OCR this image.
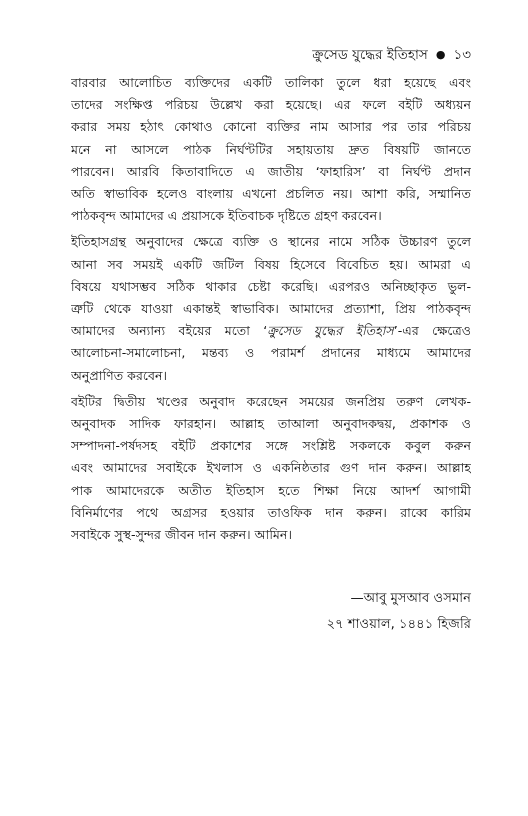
ক্রুসেড যুদ্ধের ইতিহাস ● ১৩

বারবার আলোচিত ব্যক্তিদের একটি তালিকা তুলে ধরা হয়েছে এবং
তাদের সংক্ষিপ্ত পরিচয় উল্লেখ করা হয়েছে। এর ফলে বইটি অধ্যয়ন
করার সময় হঠাৎ কোথাও কোনো ব্যক্তির নাম আসার পর তার পরিচয়
মনে না আসলে পাঠক নির্ঘণ্টটির সহায়তায় দ্রুত বিষয়টি জানতে
পারবেন। আরবি কিতাবাদিতে এ জাতীয় ‘ফাহারিস’ বা নির্ঘণ্ট প্রদান
অতি স্বাভাবিক হলেও বাংলায় এখনো প্রচলিত নয়। আশা করি, সম্মানিত
পাঠকবৃন্দ আমাদের এ প্রয়াসকে ইতিবাচক দৃষ্টিতে গ্রহণ করবেন।

ইতিহাসগ্রন্থ অনুবাদের ক্ষেত্রে ব্যক্তি ও স্থানের নামে সঠিক উচ্চারণ তুলে
আনা সব সময়ই একটি জটিল বিষয় হিসেবে বিবেচিত হয়। আমরা এ
বিষয়ে যথাসম্ভব সঠিক থাকার চেষ্টা করেছি। এরপরও অনিচ্ছাকৃত ভুল-
ত্রুটি থেকে যাওয়া একান্তই স্বাভাবিক। আমাদের প্রত্যাশা, প্রিয় পাঠকবৃন্দ
আমাদের অন্যান্য বইয়ের মতো ‘ক্রুসেড যুদ্ধের ইতিহাস’-এর ক্ষেত্রেও
আলোচনা-সমালোচনা, মন্তব্য ও পরামর্শ প্রদানের মাধ্যমে আমাদের
অনুপ্রাণিত করবেন।

বইটির দ্বিতীয় খণ্ডের অনুবাদ করেছেন সময়ের জনপ্রিয় তরুণ লেখক-
অনুবাদক সাদিক ফারহান। আল্লাহ তাআলা অনুবাদকদ্বয়, প্রকাশক ও
সম্পাদনা-পর্ষদসহ বইটি প্রকাশের সঙ্গে সংশ্লিষ্ট সকলকে কবুল করুন
এবং আমাদের সবাইকে ইখলাস ও একনিষ্ঠতার গুণ দান করুন। আল্লাহ
পাক আমাদেরকে অতীত ইতিহাস হতে শিক্ষা নিয়ে আদর্শ আগামী
বিনির্মাণের পথে অগ্রসর হওয়ার তাওফিক দান করুন। রাব্বে কারিম
সবাইকে সুস্থ-সুন্দর জীবন দান করুন। আমিন।

—আবু মুসআব ওসমান
২৭ শাওয়াল, ১৪৪১ হিজরি
